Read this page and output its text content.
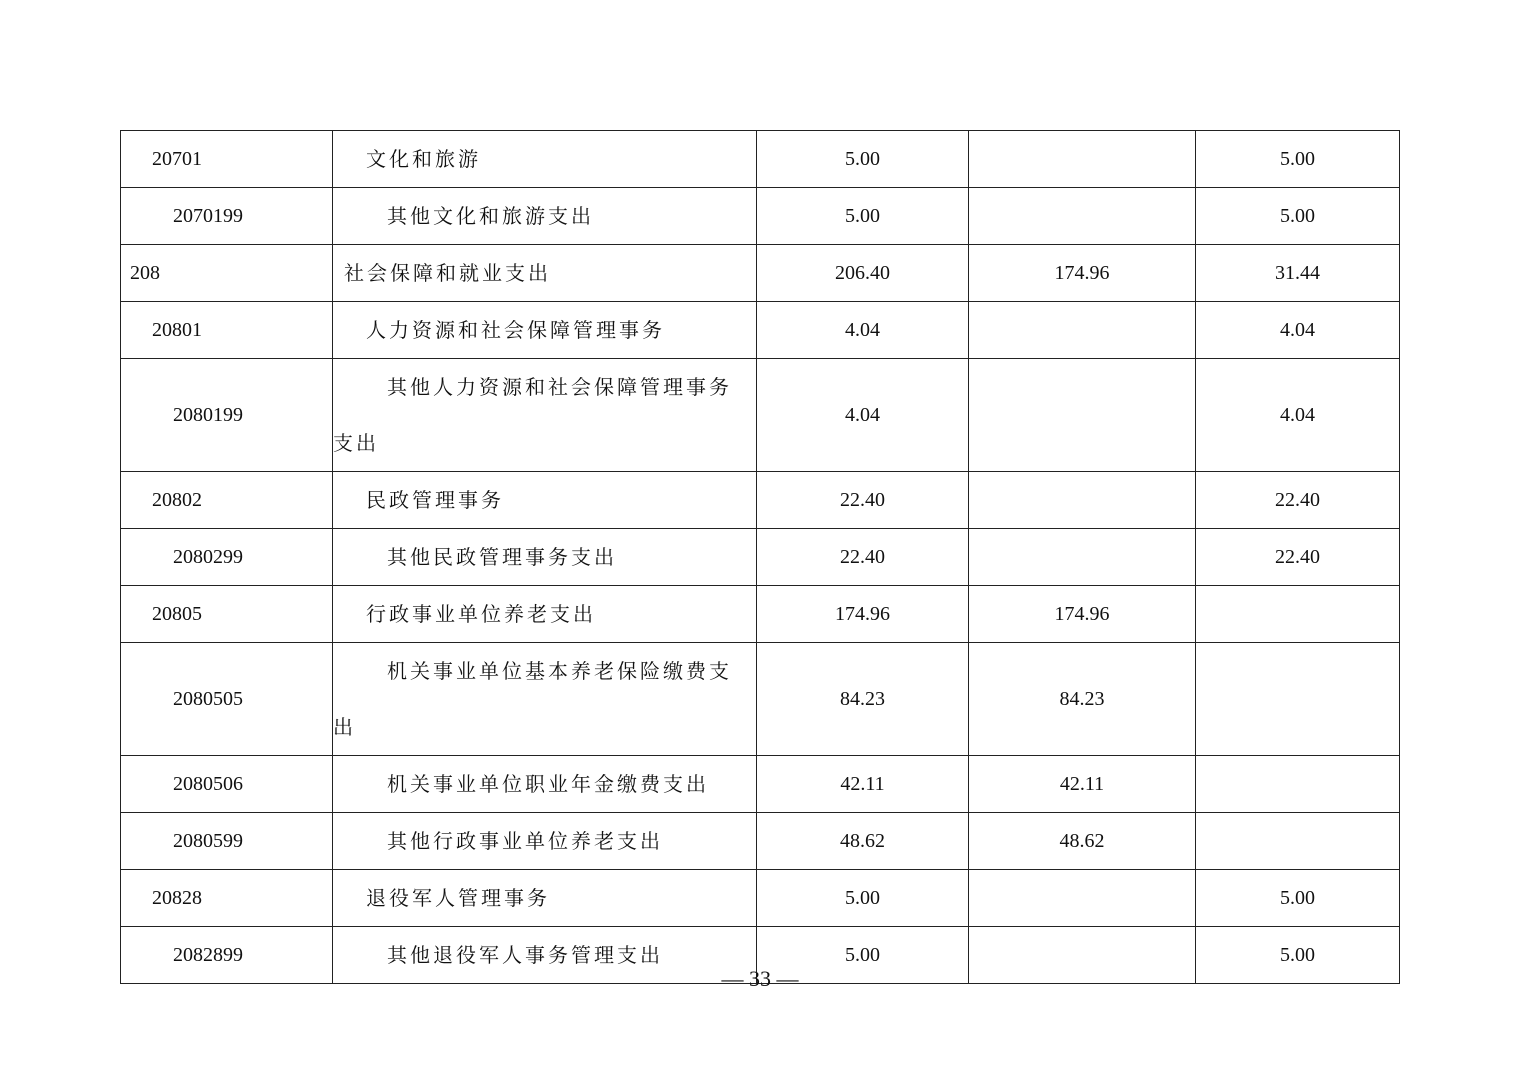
20701	文化和旅游	5.00		5.00
2070199	其他文化和旅游支出	5.00		5.00
208	社会保障和就业支出	206.40	174.96	31.44
20801	人力资源和社会保障管理事务	4.04		4.04
2080199	其他人力资源和社会保障管理事务支出	4.04		4.04
20802	民政管理事务	22.40		22.40
2080299	其他民政管理事务支出	22.40		22.40
20805	行政事业单位养老支出	174.96	174.96	
2080505	机关事业单位基本养老保险缴费支出	84.23	84.23	
2080506	机关事业单位职业年金缴费支出	42.11	42.11	
2080599	其他行政事业单位养老支出	48.62	48.62	
20828	退役军人管理事务	5.00		5.00
2082899	其他退役军人事务管理支出	5.00		5.00
— 33 —
